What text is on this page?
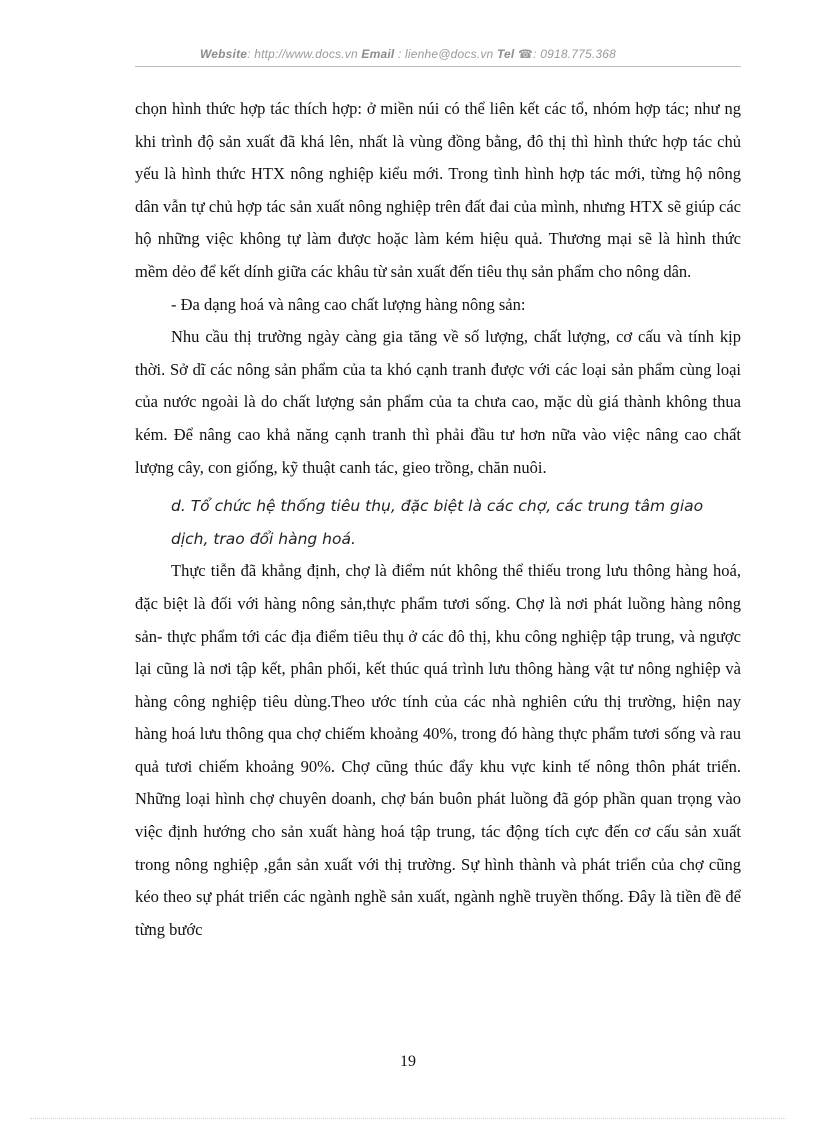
Website: http://www.docs.vn Email : lienhe@docs.vn Tel ☎: 0918.775.368

chọn hình thức hợp tác thích hợp: ở miền núi có thể liên kết các tổ, nhóm hợp tác; như ng khi trình độ sản xuất đã khá lên, nhất là vùng đồng bằng, đô thị thì hình thức hợp tác chủ yếu là hình thức HTX nông nghiệp kiểu mới. Trong tình hình hợp tác mới, từng hộ nông dân vẫn tự chủ hợp tác sản xuất nông nghiệp trên đất đai của mình, nhưng HTX sẽ giúp các hộ những việc không tự làm được hoặc làm kém hiệu quả. Thương mại sẽ là hình thức mềm dẻo để kết dính giữa các khâu từ sản xuất đến tiêu thụ sản phẩm cho nông dân.

- Đa dạng hoá và nâng cao chất lượng hàng nông sản:

Nhu cầu thị trường ngày càng gia tăng về số lượng, chất lượng, cơ cấu và tính kịp thời. Sở dĩ các nông sản phẩm của ta khó cạnh tranh được với các loại sản phẩm cùng loại của nước ngoài là do chất lượng sản phẩm của ta chưa cao, mặc dù giá thành không thua kém. Để nâng cao khả năng cạnh tranh thì phải đầu tư hơn nữa vào việc nâng cao chất lượng cây, con giống, kỹ thuật canh tác, gieo trồng, chăn nuôi.

d. Tổ chức hệ thống tiêu thụ, đặc biệt là các chợ, các trung tâm giao dịch, trao đổi hàng hoá.

Thực tiễn đã khẳng định, chợ là điểm nút không thể thiếu trong lưu thông hàng hoá, đặc biệt là đối với hàng nông sản,thực phẩm tươi sống. Chợ là nơi phát luồng hàng nông sản- thực phẩm tới các địa điểm tiêu thụ ở các đô thị, khu công nghiệp tập trung, và ngược lại cũng là nơi tập kết, phân phối, kết thúc quá trình lưu thông hàng vật tư nông nghiệp và hàng công nghiệp tiêu dùng.Theo ước tính của các nhà nghiên cứu thị trường, hiện nay hàng hoá lưu thông qua chợ chiếm khoảng 40%, trong đó hàng thực phẩm tươi sống và rau quả tươi chiếm khoảng 90%. Chợ cũng thúc đẩy khu vực kinh tế nông thôn phát triển. Những loại hình chợ chuyên doanh, chợ bán buôn phát luồng đã góp phần quan trọng vào việc định hướng cho sản xuất hàng hoá tập trung, tác động tích cực đến cơ cấu sản xuất trong nông nghiệp ,gắn sản xuất với thị trường. Sự hình thành và phát triển của chợ cũng kéo theo sự phát triển các ngành nghề sản xuất, ngành nghề truyền thống. Đây là tiền đề để từng bước

19
